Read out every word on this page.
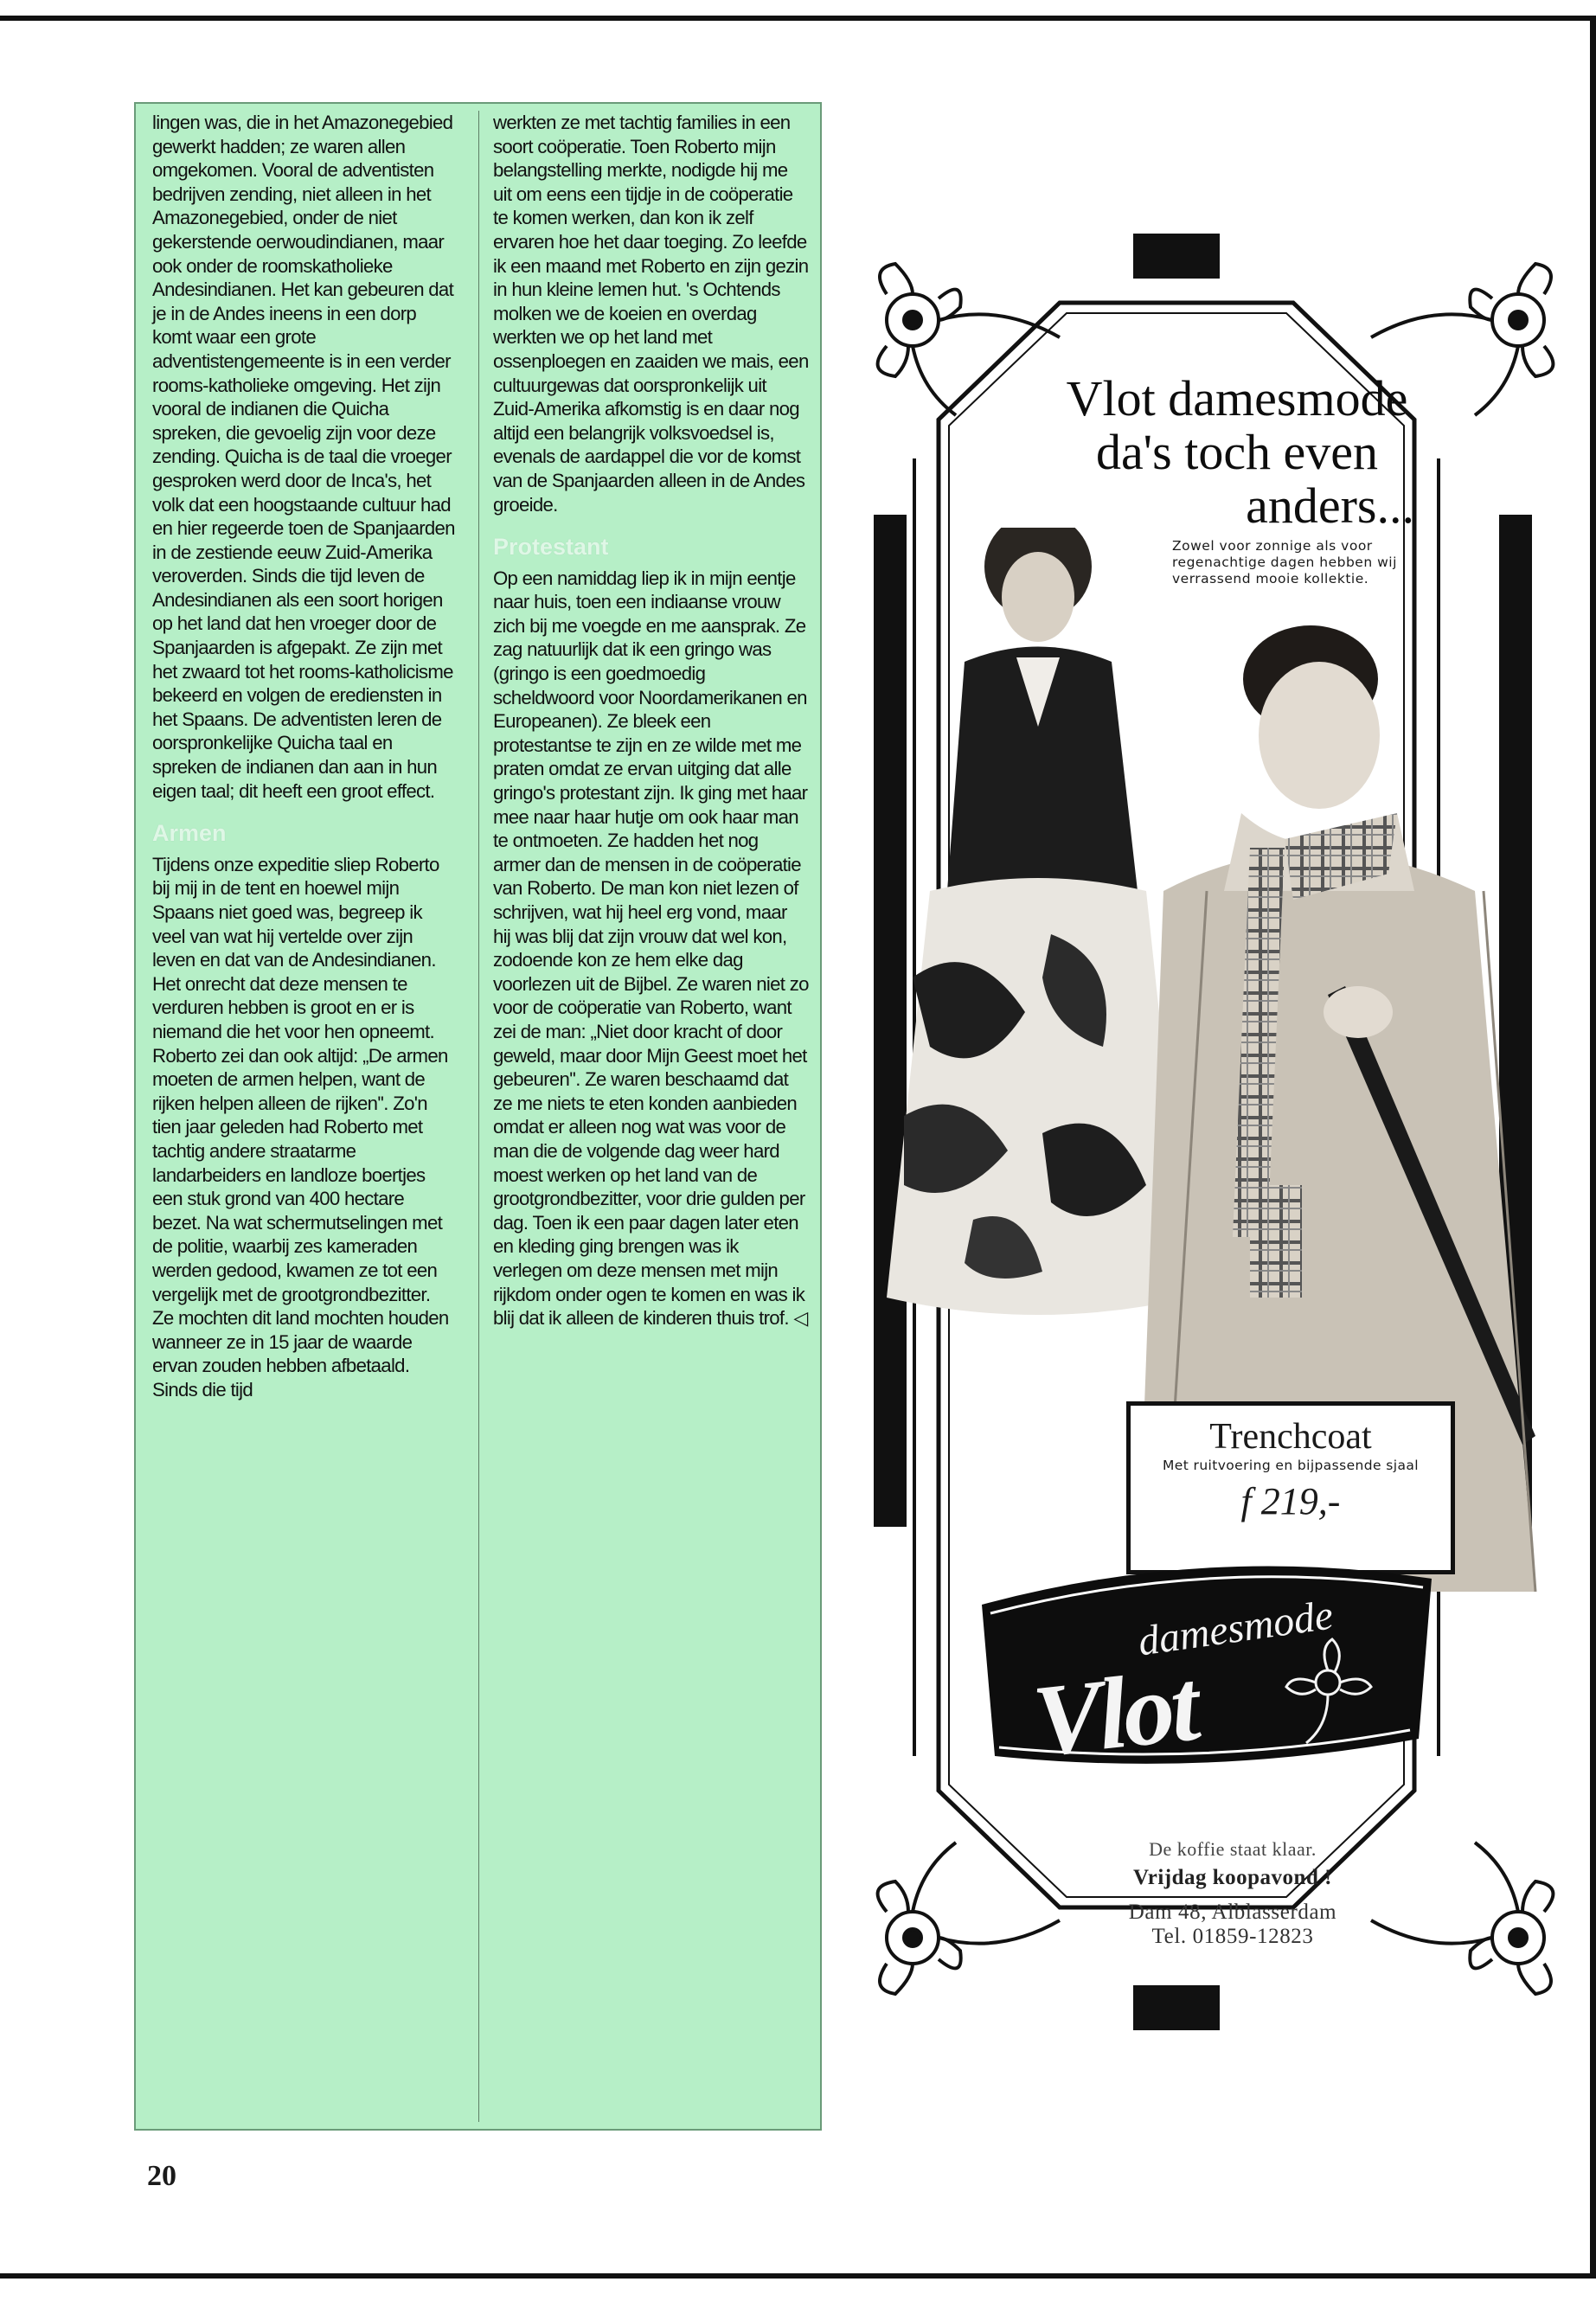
lingen was, die in het Amazonegebied gewerkt hadden; ze waren allen omgekomen. Vooral de adventisten bedrijven zending, niet alleen in het Amazonegebied, onder de niet gekerstende oerwoudindianen, maar ook onder de roomskatholieke Andesindianen. Het kan gebeuren dat je in de Andes ineens in een dorp komt waar een grote adventistengemeente is in een verder rooms-katholieke omgeving. Het zijn vooral de indianen die Quicha spreken, die gevoelig zijn voor deze zending. Quicha is de taal die vroeger gesproken werd door de Inca's, het volk dat een hoogstaande cultuur had en hier regeerde toen de Spanjaarden in de zestiende eeuw Zuid-Amerika veroverden. Sinds die tijd leven de Andesindianen als een soort horigen op het land dat hen vroeger door de Spanjaarden is afgepakt. Ze zijn met het zwaard tot het rooms-katholicisme bekeerd en volgen de erediensten in het Spaans. De adventisten leren de oorspronkelijke Quicha taal en spreken de indianen dan aan in hun eigen taal; dit heeft een groot effect.

Armen

Tijdens onze expeditie sliep Roberto bij mij in de tent en hoewel mijn Spaans niet goed was, begreep ik veel van wat hij vertelde over zijn leven en dat van de Andesindianen. Het onrecht dat deze mensen te verduren hebben is groot en er is niemand die het voor hen opneemt. Roberto zei dan ook altijd: „De armen moeten de armen helpen, want de rijken helpen alleen de rijken''. Zo'n tien jaar geleden had Roberto met tachtig andere straatarme landarbeiders en landloze boertjes een stuk grond van 400 hectare bezet. Na wat schermutselingen met de politie, waarbij zes kameraden werden gedood, kwamen ze tot een vergelijk met de grootgrondbezitter. Ze mochten dit land mochten houden wanneer ze in 15 jaar de waarde ervan zouden hebben afbetaald. Sinds die tijd

werkten ze met tachtig families in een soort coöperatie. Toen Roberto mijn belangstelling merkte, nodigde hij me uit om eens een tijdje in de coöperatie te komen werken, dan kon ik zelf ervaren hoe het daar toeging. Zo leefde ik een maand met Roberto en zijn gezin in hun kleine lemen hut. 's Ochtends molken we de koeien en overdag werkten we op het land met ossenploegen en zaaiden we mais, een cultuurgewas dat oorspronkelijk uit Zuid-Amerika afkomstig is en daar nog altijd een belangrijk volksvoedsel is, evenals de aardappel die vor de komst van de Spanjaarden alleen in de Andes groeide.

Protestant

Op een namiddag liep ik in mijn eentje naar huis, toen een indiaanse vrouw zich bij me voegde en me aansprak. Ze zag natuurlijk dat ik een gringo was (gringo is een goedmoedig scheldwoord voor Noordamerikanen en Europeanen). Ze bleek een protestantse te zijn en ze wilde met me praten omdat ze ervan uitging dat alle gringo's protestant zijn. Ik ging met haar mee naar haar hutje om ook haar man te ontmoeten. Ze hadden het nog armer dan de mensen in de coöperatie van Roberto. De man kon niet lezen of schrijven, wat hij heel erg vond, maar hij was blij dat zijn vrouw dat wel kon, zodoende kon ze hem elke dag voorlezen uit de Bijbel. Ze waren niet zo voor de coöperatie van Roberto, want zei de man: „Niet door kracht of door geweld, maar door Mijn Geest moet het gebeuren''. Ze waren beschaamd dat ze me niets te eten konden aanbieden omdat er alleen nog wat was voor de man die de volgende dag weer hard moest werken op het land van de grootgrondbezitter, voor drie gulden per dag. Toen ik een paar dagen later eten en kleding ging brengen was ik verlegen om deze mensen met mijn rijkdom onder ogen te komen en was ik blij dat ik alleen de kinderen thuis trof. ◁

20
Vlot damesmode
da's toch even

anders...
Zowel voor zonnige als voor regenachtige dagen hebben wij verrassend mooie kollektie.
Trenchcoat
Met ruitvoering en bijpassende sjaal
f 219,-
damesmode
Vlot
De koffie staat klaar.
Vrijdag koopavond !
Dam 48, Alblasserdam
Tel. 01859-12823
